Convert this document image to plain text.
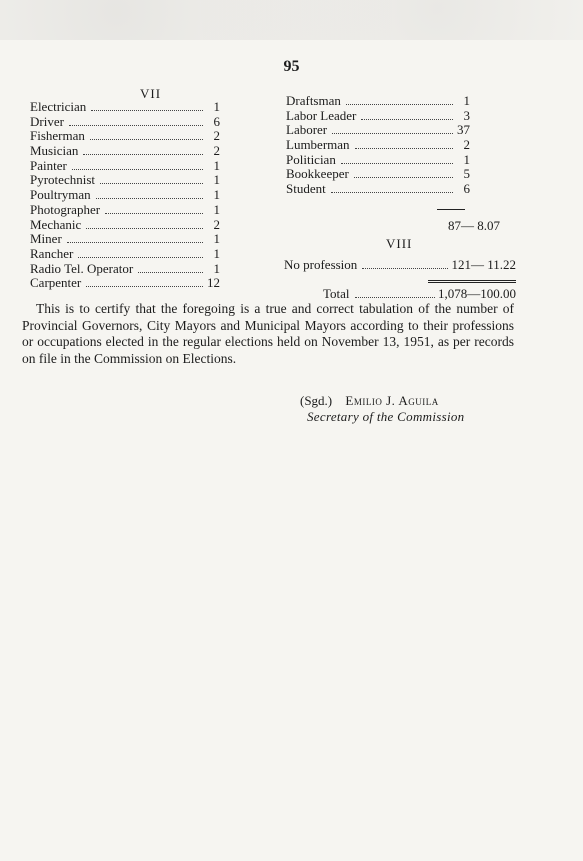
95
VII
Electrician	1
Driver	6
Fisherman	2
Musician	2
Painter	1
Pyrotechnist	1
Poultryman	1
Photographer	1
Mechanic	2
Miner	1
Rancher	1
Radio Tel. Operator	1
Carpenter	12
Draftsman	1
Labor Leader	3
Laborer	37
Lumberman	2
Politician	1
Bookkeeper	5
Student	6
87— 8.07
VIII
No profession	121— 11.22
Total	1,078—100.00
This is to certify that the foregoing is a true and correct tabulation of the number of Provincial Governors, City Mayors and Municipal Mayors according to their professions or occupations elected in the regular elections held on November 13, 1951, as per records on file in the Commission on Elections.
(Sgd.) Emilio J. Aguila
Secretary of the Commission
